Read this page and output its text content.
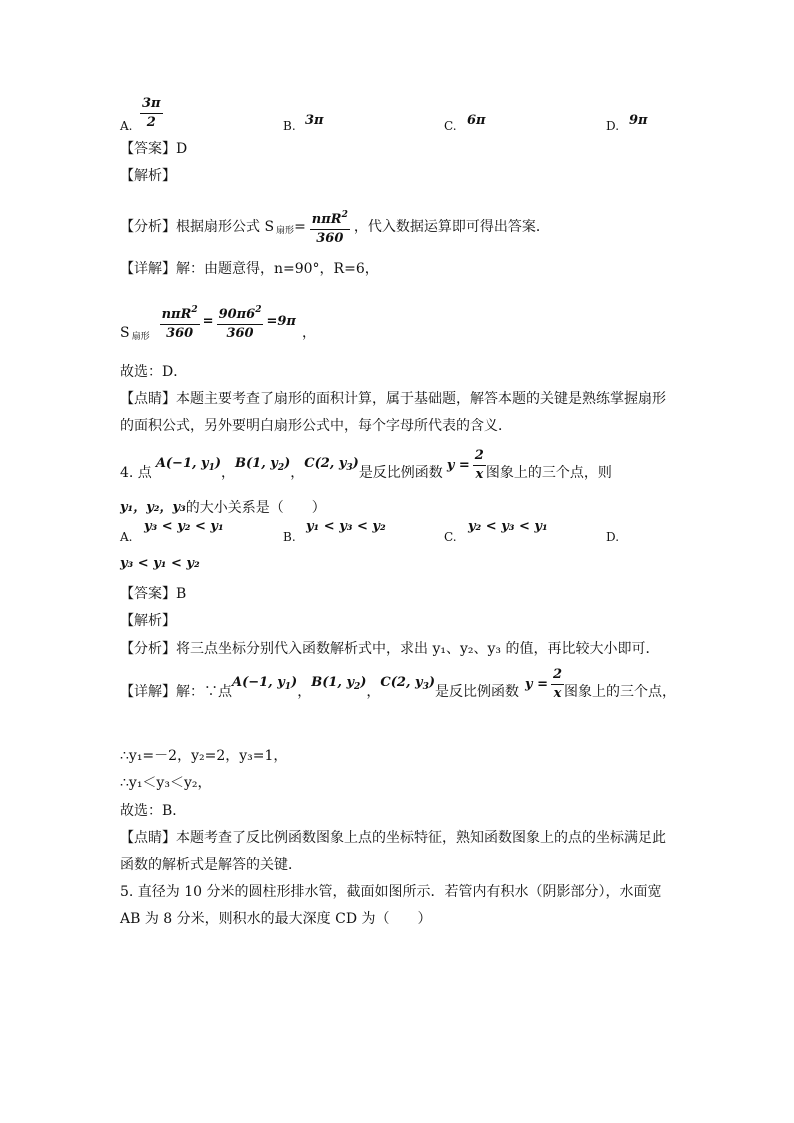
A. $\frac{3\pi}{2}$	B. 3π	C. 6π	D. 9π
【答案】D
【解析】
【分析】根据扇形公式 S 扇形 = $\frac{n\pi R^2}{360}$ ，代入数据运算即可得出答案．
【详解】解：由题意得，n=90°，R=6，
S 扇形 $\frac{n\pi R^2}{360} = \frac{90\pi 6^2}{360} =9\pi$
，
故选：D．
【点睛】本题主要考查了扇形的面积计算，属于基础题，解答本题的关键是熟练掌握扇形
的面积公式，另外要明白扇形公式中，每个字母所代表的含义．
4. 点
A(−1, $y_1$)
，
B(1, $y_2$)
，
C(2, $y_3$)
是反比例函数 $y = \frac{2}{x}$ 图象上的三个点，则
y₁，y₂，y₃ 的大小关系是（　　）
A.
y₃ < y₂ < y₁
B.
y₁ < y₃ < y₂
C.
y₂ < y₃ < y₁
D.
y₃ < y₁ < y₂
【答案】B
【解析】
【分析】将三点坐标分别代入函数解析式中，求出 y₁、y₂、y₃ 的值，再比较大小即可．
【详解】解：∵点
A(−1, $y_1$)
，
B(1, $y_2$)
，
C(2, $y_3$)
是反比例函数 $y = \frac{2}{x}$ 图象上的三个点，
∴y₁=－2，y₂=2，y₃=1，
∴y₁＜y₃＜y₂，
故选：B．
【点睛】本题考查了反比例函数图象上点的坐标特征，熟知函数图象上的点的坐标满足此
函数的解析式是解答的关键．
5. 直径为 10 分米的圆柱形排水管，截面如图所示．若管内有积水（阴影部分），水面宽
AB 为 8 分米，则积水的最大深度 CD 为（　　）
